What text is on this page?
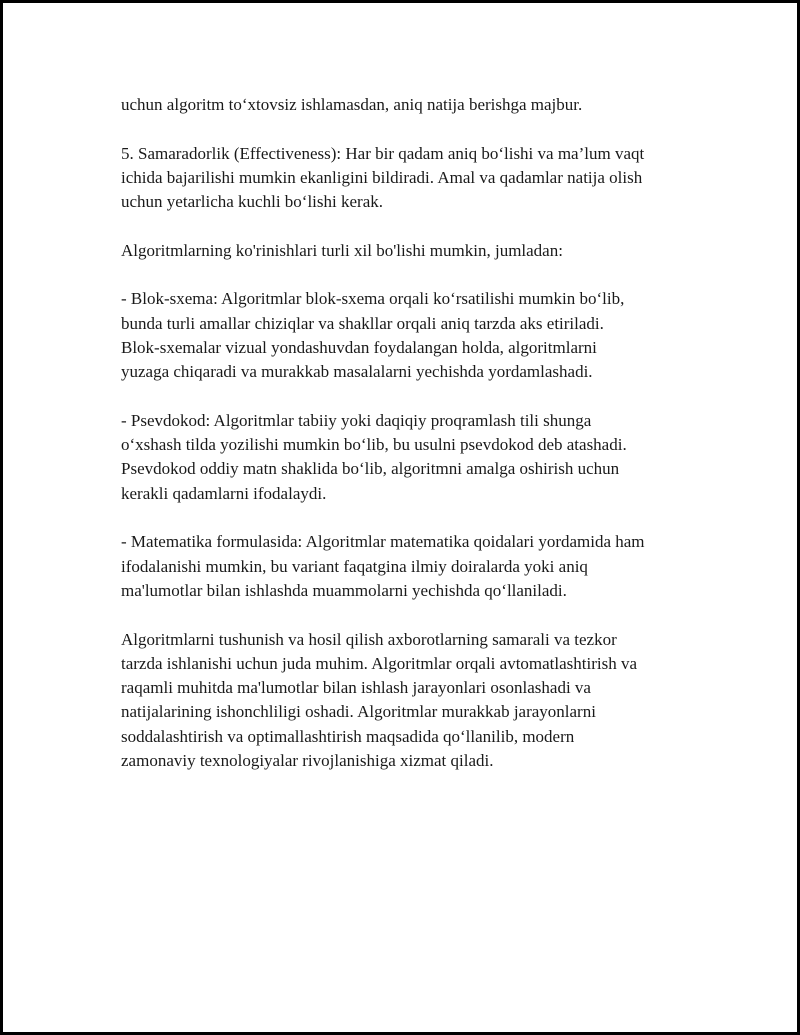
uchun algoritm to‘xtovsiz ishlamasdan, aniq natija berishga majbur.
5. Samaradorlik (Effectiveness): Har bir qadam aniq bo‘lishi va ma’lum vaqt
ichida bajarilishi mumkin ekanligini bildiradi. Amal va qadamlar natija olish
uchun yetarlicha kuchli bo‘lishi kerak.
Algoritmlarning ko'rinishlari turli xil bo'lishi mumkin, jumladan:
- Blok-sxema: Algoritmlar blok-sxema orqali ko‘rsatilishi mumkin bo‘lib,
bunda turli amallar chiziqlar va shakllar orqali aniq tarzda aks etiriladi.
Blok-sxemalar vizual yondashuvdan foydalangan holda, algoritmlarni
yuzaga chiqaradi va murakkab masalalarni yechishda yordamlashadi.
- Psevdokod: Algoritmlar tabiiy yoki daqiqiy proqramlash tili shunga
o‘xshash tilda yozilishi mumkin bo‘lib, bu usulni psevdokod deb atashadi.
Psevdokod oddiy matn shaklida bo‘lib, algoritmni amalga oshirish uchun
kerakli qadamlarni ifodalaydi.
- Matematika formulasida: Algoritmlar matematika qoidalari yordamida ham
ifodalanishi mumkin, bu variant faqatgina ilmiy doiralarda yoki aniq
ma'lumotlar bilan ishlashda muammolarni yechishda qo‘llaniladi.
Algoritmlarni tushunish va hosil qilish axborotlarning samarali va tezkor
tarzda ishlanishi uchun juda muhim. Algoritmlar orqali avtomatlashtirish va
raqamli muhitda ma'lumotlar bilan ishlash jarayonlari osonlashadi va
natijalarining ishonchliligi oshadi. Algoritmlar murakkab jarayonlarni
soddalashtirish va optimallashtirish maqsadida qo‘llanilib, modern
zamonaviy texnologiyalar rivojlanishiga xizmat qiladi.
